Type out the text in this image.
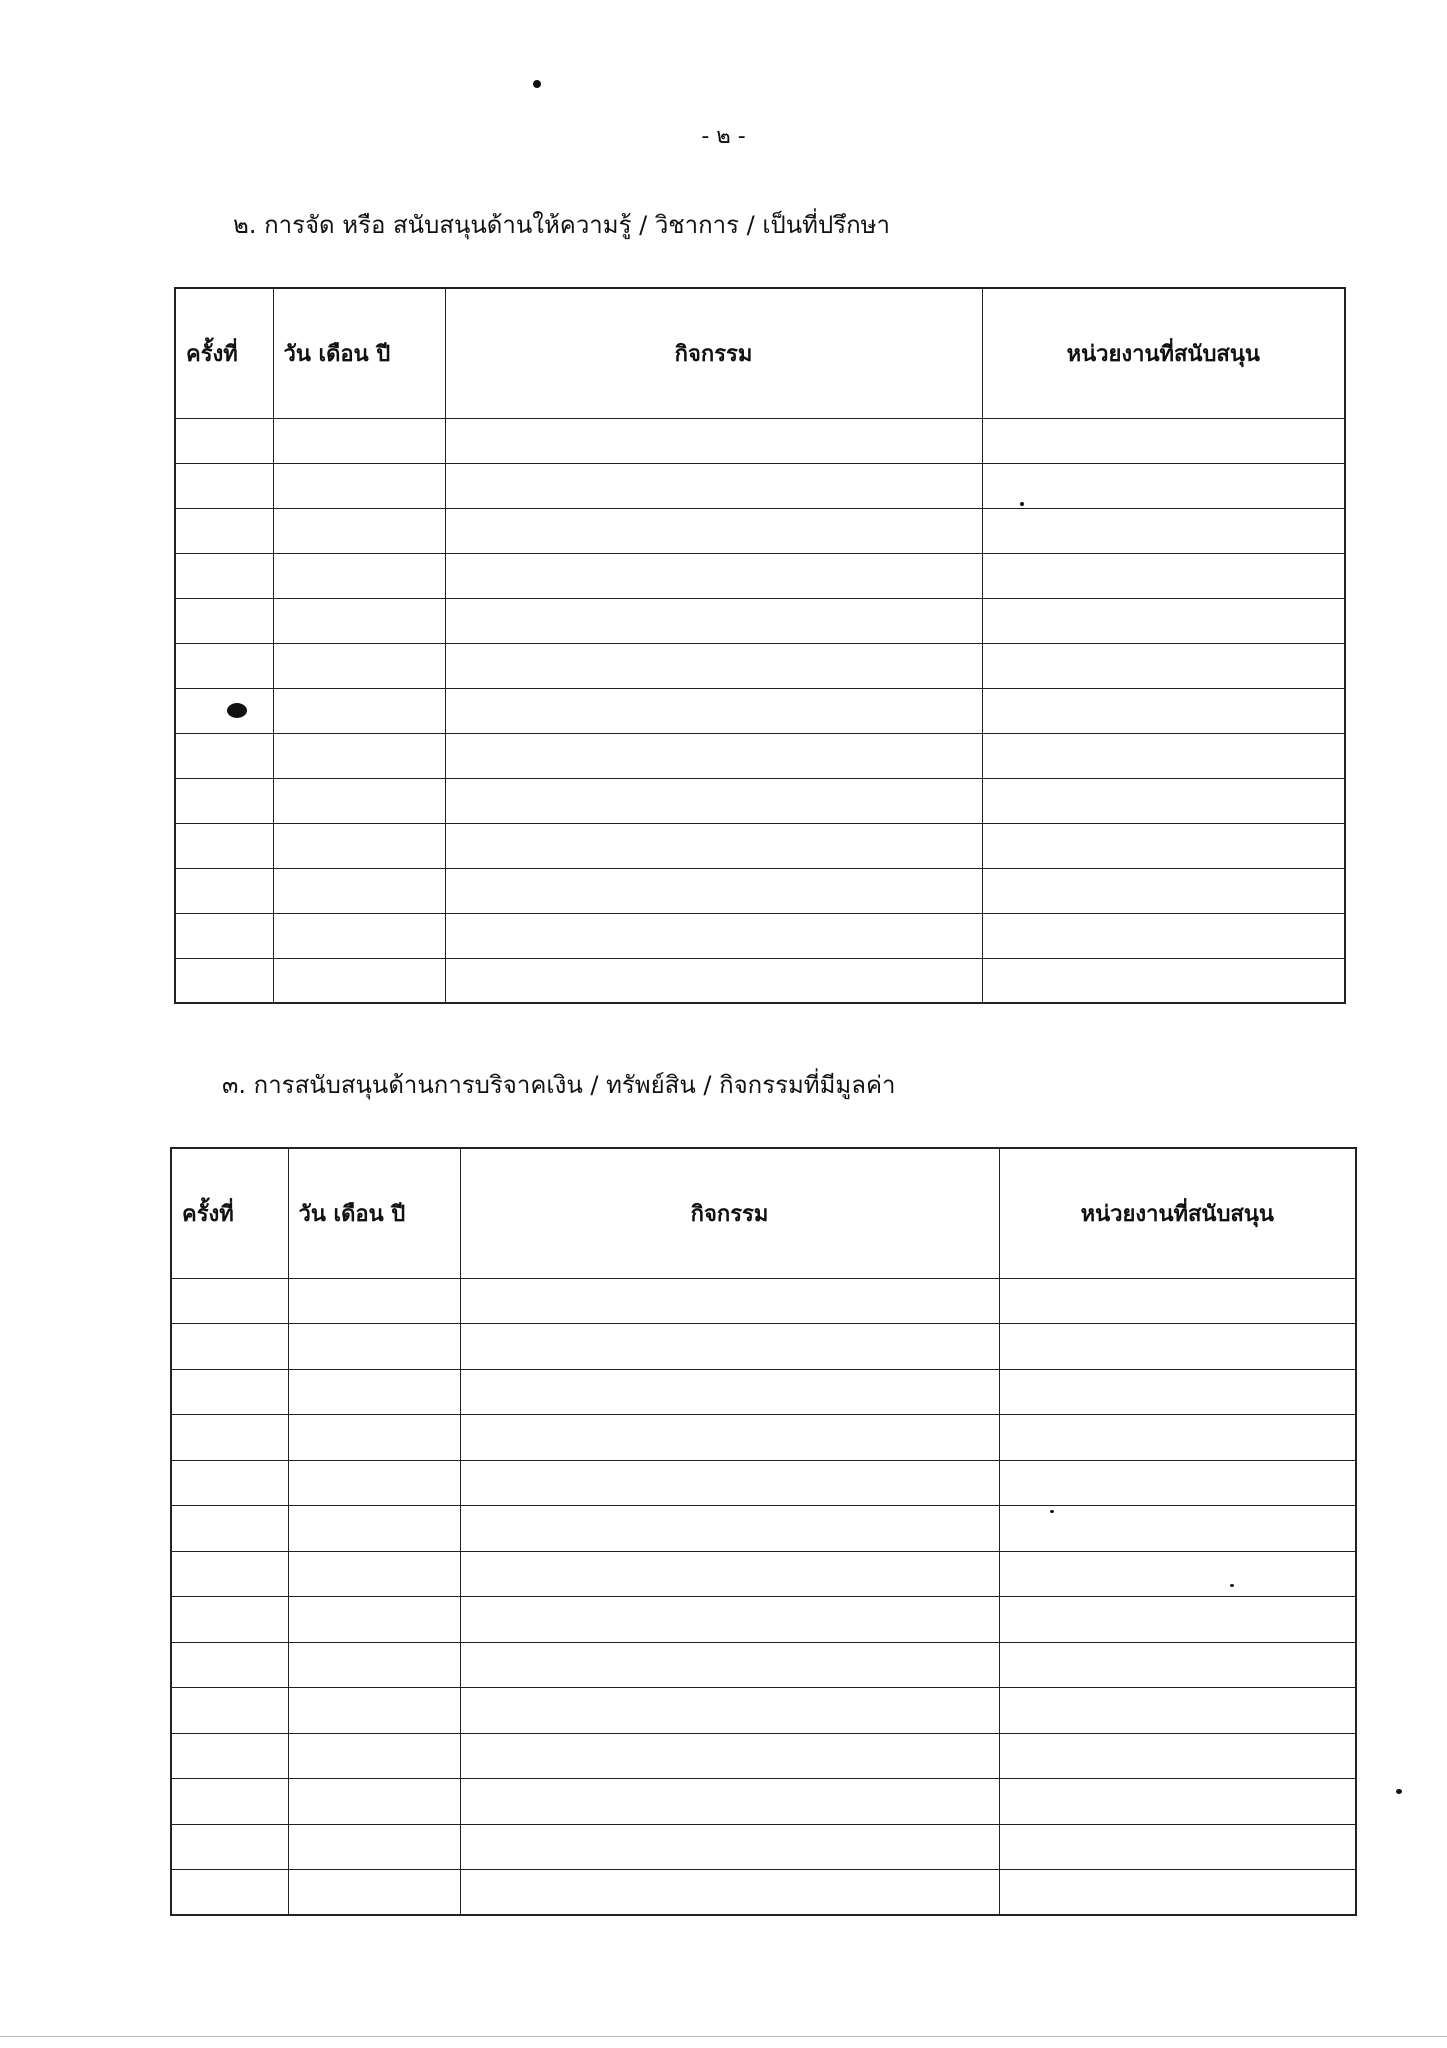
- ๒ -
๒. การจัด หรือ สนับสนุนด้านให้ความรู้ / วิชาการ / เป็นที่ปรึกษา
ครั้งที่	วัน เดือน ปี	กิจกรรม	หน่วยงานที่สนับสนุน

๓. การสนับสนุนด้านการบริจาคเงิน / ทรัพย์สิน / กิจกรรมที่มีมูลค่า
ครั้งที่	วัน เดือน ปี	กิจกรรม	หน่วยงานที่สนับสนุน
